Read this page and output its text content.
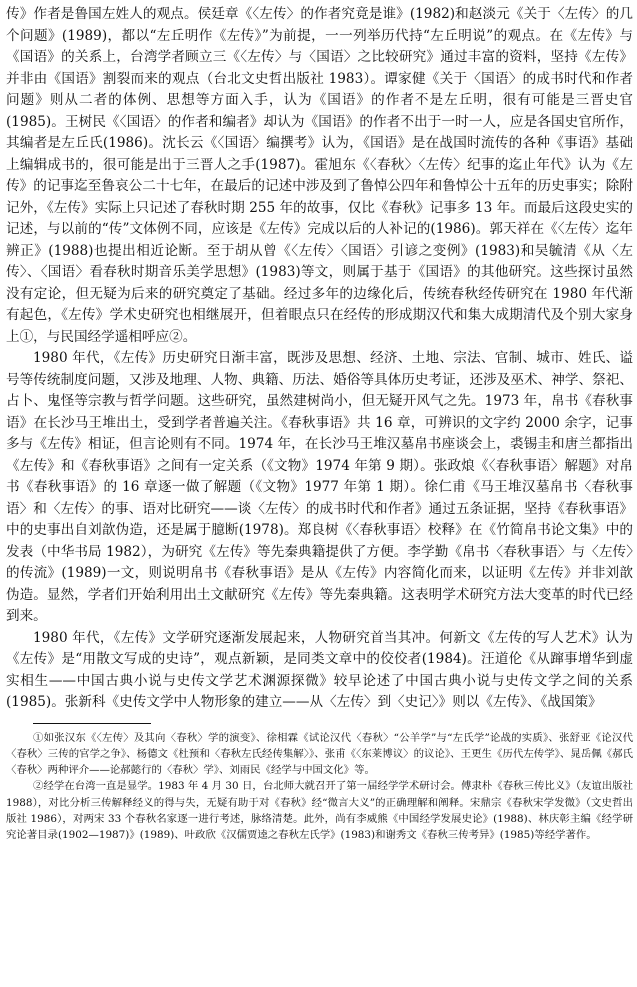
传》作者是鲁国左姓人的观点。侯廷章《〈左传〉的作者究竟是谁》(1982)和赵淡元《关于〈左传〉的几个问题》(1989)，都以“左丘明作《左传》”为前提，一一列举历代持“左丘明说”的观点。在《左传》与《国语》的关系上，台湾学者顾立三《〈左传〉与〈国语〉之比较研究》通过丰富的资料，坚持《左传》并非由《国语》割裂而来的观点（台北文史哲出版社 1983）。谭家健《关于〈国语〉的成书时代和作者问题》则从二者的体例、思想等方面入手，认为《国语》的作者不是左丘明，很有可能是三晋史官(1985)。王树民《〈国语〉的作者和编者》却认为《国语》的作者不出于一时一人，应是各国史官所作，其编者是左丘氏(1986)。沈长云《〈国语〉编撰考》认为，《国语》是在战国时流传的各种《事语》基础上编辑成书的，很可能是出于三晋人之手(1987)。霍旭东《〈春秋〉〈左传〉纪事的迄止年代》认为《左传》的记事迄至鲁哀公二十七年，在最后的记述中涉及到了鲁悼公四年和鲁悼公十五年的历史事实；除附记外，《左传》实际上只记述了春秋时期 255 年的故事，仅比《春秋》记事多 13 年。而最后这段史实的记述，与以前的“传”文体例不同，应该是《左传》完成以后的人补记的(1986)。郭天祥在《〈左传〉迄年辨正》(1988)也提出相近论断。至于胡从曾《〈左传〉〈国语〉引谚之变例》(1983)和吴毓清《从〈左传〉、〈国语〉看春秋时期音乐美学思想》(1983)等文，则属于基于《国语》的其他研究。这些探讨虽然没有定论，但无疑为后来的研究奠定了基础。经过多年的边缘化后，传统春秋经传研究在 1980 年代渐有起色，《左传》学术史研究也相继展开，但着眼点只在经传的形成期汉代和集大成期清代及个别大家身上①，与民国经学遥相呼应②。

1980 年代，《左传》历史研究日渐丰富，既涉及思想、经济、土地、宗法、官制、城市、姓氏、谥号等传统制度问题，又涉及地理、人物、典籍、历法、婚俗等具体历史考证，还涉及巫术、神学、祭祀、占卜、鬼怪等宗教与哲学问题。这些研究，虽然建树尚小，但无疑开风气之先。1973 年，帛书《春秋事语》在长沙马王堆出土，受到学者普遍关注。《春秋事语》共 16 章，可辨识的文字约 2000 余字，记事多与《左传》相证，但言论则有不同。1974 年，在长沙马王堆汉墓帛书座谈会上，裘锡圭和唐兰都指出《左传》和《春秋事语》之间有一定关系（《文物》1974 年第 9 期）。张政烺《〈春秋事语〉解题》对帛书《春秋事语》的 16 章逐一做了解题（《文物》1977 年第 1 期）。徐仁甫《马王堆汉墓帛书〈春秋事语〉和〈左传〉的事、语对比研究——谈〈左传〉的成书时代和作者》通过五条证据，坚持《春秋事语》中的史事出自刘歆伪造，还是属于臆断(1978)。郑良树《〈春秋事语〉校释》在《竹简帛书论文集》中的发表（中华书局 1982），为研究《左传》等先秦典籍提供了方便。李学勤《帛书〈春秋事语〉与〈左传〉的传流》(1989)一文，则说明帛书《春秋事语》是从《左传》内容简化而来，以证明《左传》并非刘歆伪造。显然，学者们开始利用出土文献研究《左传》等先秦典籍。这表明学术研究方法大变革的时代已经到来。

1980 年代，《左传》文学研究逐渐发展起来，人物研究首当其冲。何新文《左传的写人艺术》认为《左传》是“用散文写成的史诗”，观点新颖，是同类文章中的佼佼者(1984)。汪道伦《从蹿事增华到虚实相生——中国古典小说与史传文学艺术渊源探微》较早论述了中国古典小说与史传文学之间的关系(1985)。张新科《史传文学中人物形象的建立——从〈左传〉到〈史记〉》则以《左传》、《战国策》

①如张汉东《〈左传〉及其向〈春秋〉学的演变》、徐相霖《试论汉代〈春秋〉“公羊学”与“左氏学”论战的实质》、张舒亚《论汉代〈春秋〉三传的官学之争》、杨德文《杜预和〈春秋左氏经传集解〉》、张甫《〈东莱博议〉的议论》、王更生《历代左传学》、晁岳佩《郝氏〈春秋〉两种评介——论郝懿行的〈春秋〉学》、刘雨民《经学与中国文化》等。

②经学在台湾一直是显学。1983 年 4 月 30 日，台北师大就召开了第一届经学学术研讨会。傅隶朴《春秋三传比义》（友谊出版社 1988），对比分析三传解释经义的得与失，无疑有助于对《春秋》经“微言大义”的正确理解和阐释。宋鼎宗《春秋宋学发微》（文史哲出版社 1986），对两宋 33 个春秋名家逐一进行考述，脉络清楚。此外，尚有李威熊《中国经学发展史论》(1988)、林庆彰主编《经学研究论著目录(1902—1987)》(1989)、叶政欣《汉儒贾逵之春秋左氏学》(1983)和谢秀文《春秋三传考异》(1985)等经学著作。
